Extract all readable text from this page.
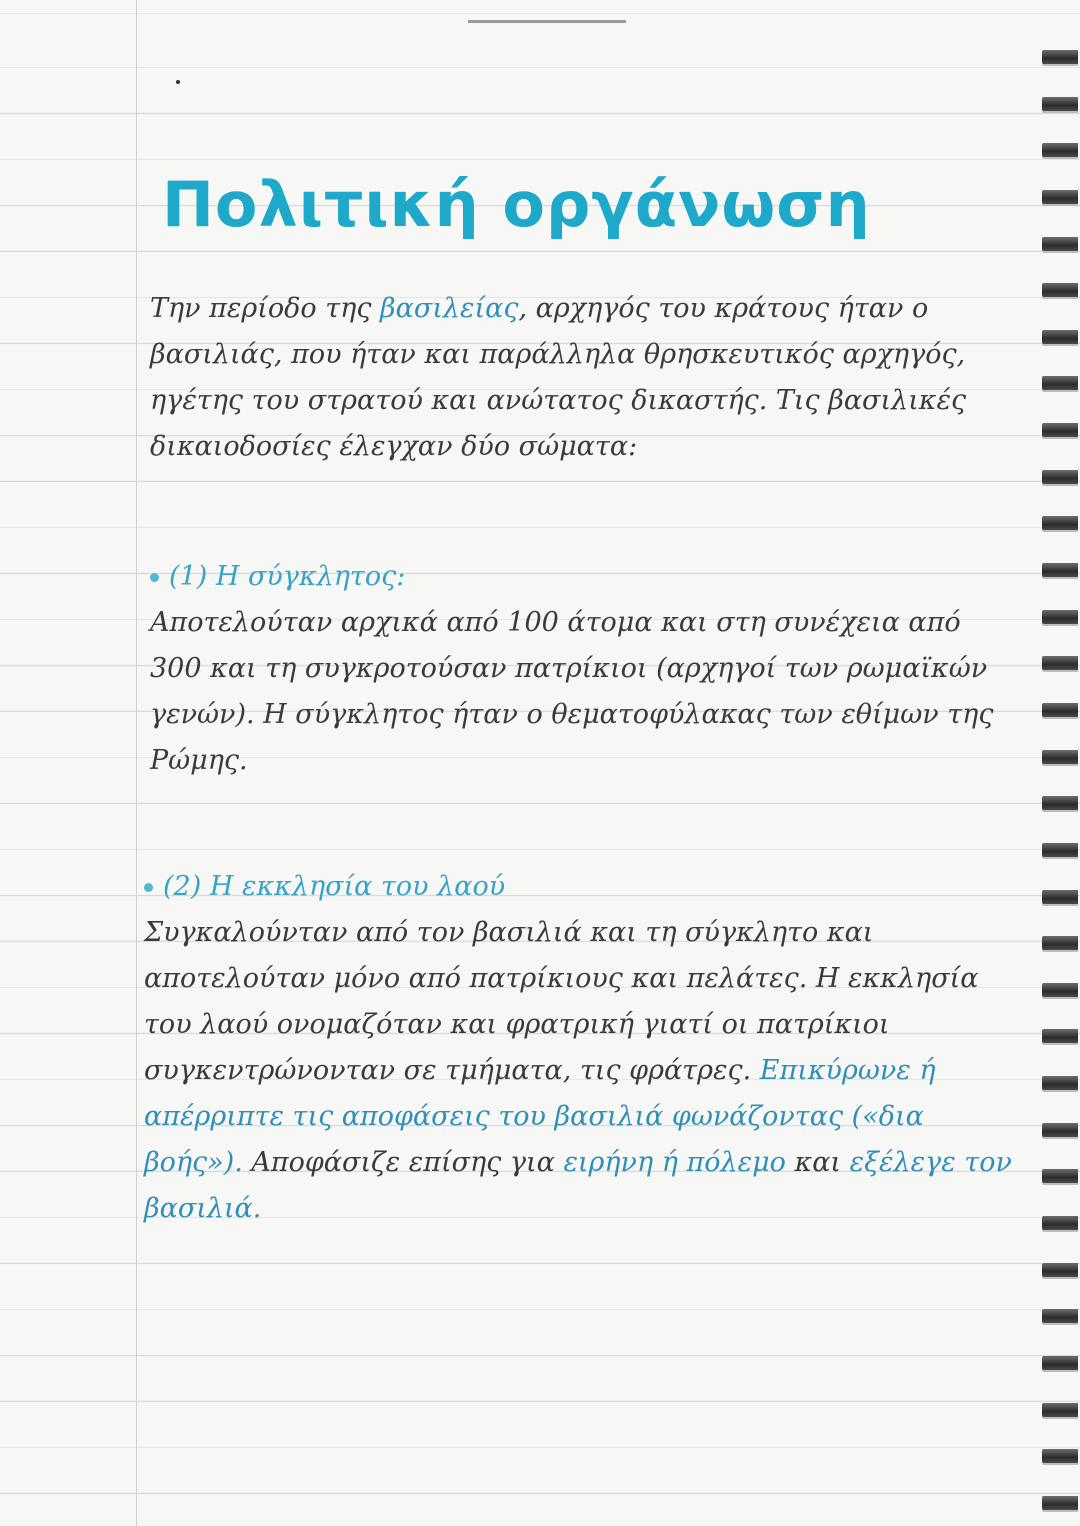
Πολιτική οργάνωση
Την περίοδο της βασιλείας, αρχηγός του κράτους ήταν ο βασιλιάς, που ήταν και παράλληλα θρησκευτικός αρχηγός, ηγέτης του στρατού και ανώτατος δικαστής. Τις βασιλικές δικαιοδοσίες έλεγχαν δύο σώματα:
(1) Η σύγκλητος:
Αποτελούταν αρχικά από 100 άτομα και στη συνέχεια από 300 και τη συγκροτούσαν πατρίκιοι (αρχηγοί των ρωμαϊκών γενών). Η σύγκλητος ήταν ο θεματοφύλακας των εθίμων της Ρώμης.
(2) Η εκκλησία του λαού
Συγκαλούνταν από τον βασιλιά και τη σύγκλητο και αποτελούταν μόνο από πατρίκιους και πελάτες. Η εκκλησία του λαού ονομαζόταν και φρατρική γιατί οι πατρίκιοι συγκεντρώνονταν σε τμήματα, τις φράτρες. Επικύρωνε ή απέρριπτε τις αποφάσεις του βασιλιά φωνάζοντας («δια βοής»). Αποφάσιζε επίσης για ειρήνη ή πόλεμο και εξέλεγε τον βασιλιά.
